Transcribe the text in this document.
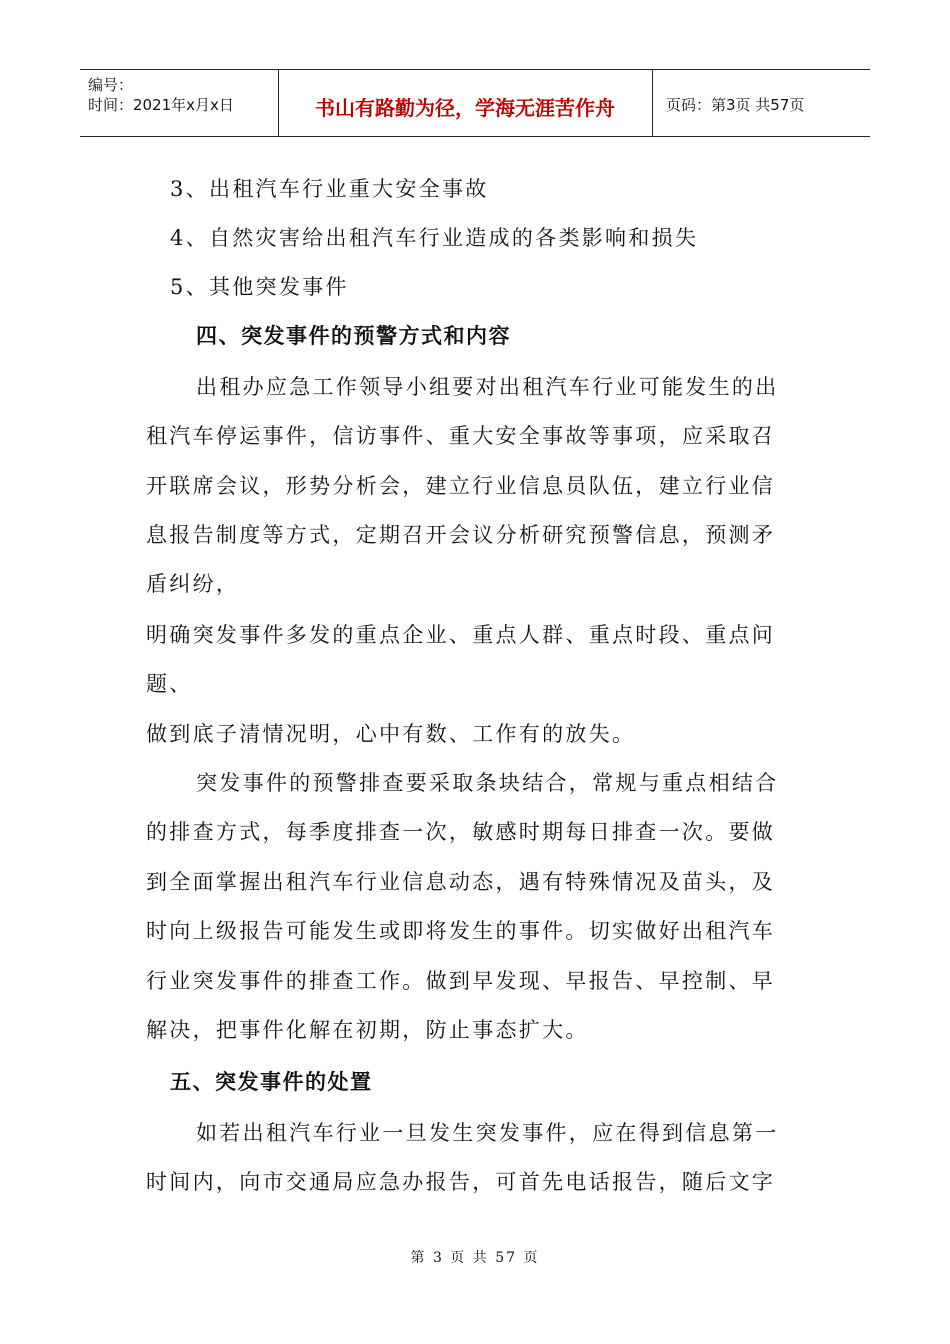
编号：
时间：2021年x月x日	书山有路勤为径，学海无涯苦作舟	页码：第3页 共57页
3、出租汽车行业重大安全事故
4、自然灾害给出租汽车行业造成的各类影响和损失
5、其他突发事件
四、突发事件的预警方式和内容
出租办应急工作领导小组要对出租汽车行业可能发生的出
租汽车停运事件，信访事件、重大安全事故等事项，应采取召
开联席会议，形势分析会，建立行业信息员队伍，建立行业信
息报告制度等方式，定期召开会议分析研究预警信息，预测矛
盾纠纷，
明确突发事件多发的重点企业、重点人群、重点时段、重点问
题、
做到底子清情况明，心中有数、工作有的放失。
突发事件的预警排查要采取条块结合，常规与重点相结合
的排查方式，每季度排查一次，敏感时期每日排查一次。要做
到全面掌握出租汽车行业信息动态，遇有特殊情况及苗头，及
时向上级报告可能发生或即将发生的事件。切实做好出租汽车
行业突发事件的排查工作。做到早发现、早报告、早控制、早
解决，把事件化解在初期，防止事态扩大。
五、突发事件的处置
如若出租汽车行业一旦发生突发事件，应在得到信息第一
时间内，向市交通局应急办报告，可首先电话报告，随后文字
第 3 页 共 57 页
